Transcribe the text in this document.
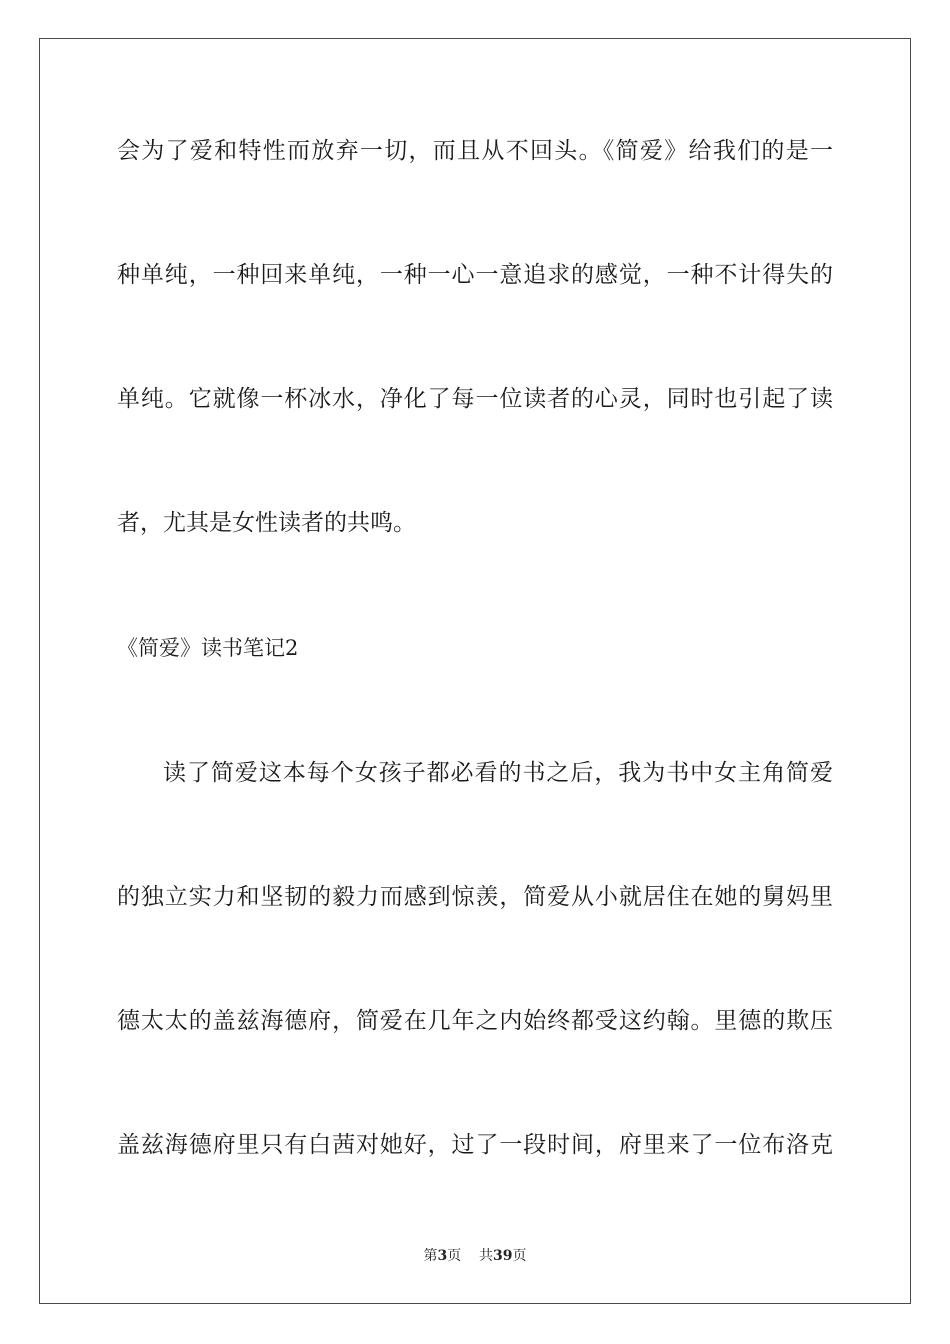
会为了爱和特性而放弃一切，而且从不回头。《简爱》给我们的是一
种单纯，一种回来单纯，一种一心一意追求的感觉，一种不计得失的
单纯。它就像一杯冰水，净化了每一位读者的心灵，同时也引起了读
者，尤其是女性读者的共鸣。
《简爱》读书笔记2
读了简爱这本每个女孩子都必看的书之后，我为书中女主角简爱
的独立实力和坚韧的毅力而感到惊羡，简爱从小就居住在她的舅妈里
德太太的盖兹海德府，简爱在几年之内始终都受这约翰。里德的欺压
盖兹海德府里只有白茜对她好，过了一段时间，府里来了一位布洛克
第3页 共39页
